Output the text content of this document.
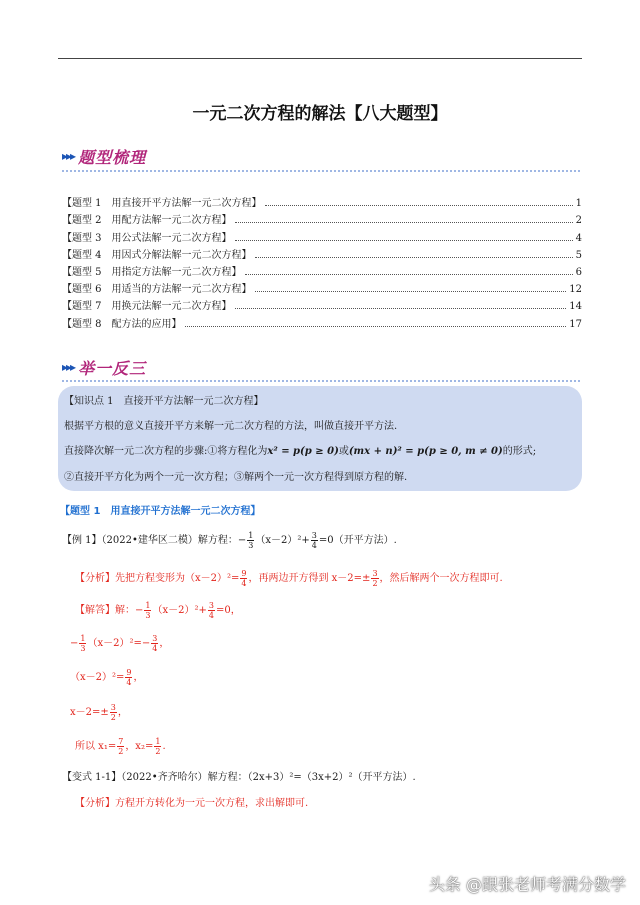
一元二次方程的解法【八大题型】
▸▸▸ 题型梳理
【题型 1　用直接开平方法解一元二次方程】	1
【题型 2　用配方法解一元二次方程】	2
【题型 3　用公式法解一元二次方程】	4
【题型 4　用因式分解法解一元二次方程】	5
【题型 5　用指定方法解一元二次方程】	6
【题型 6　用适当的方法解一元二次方程】	12
【题型 7　用换元法解一元二次方程】	14
【题型 8　配方法的应用】	17
▸▸▸ 举一反三
【知识点 1　直接开平方法解一元二次方程】
根据平方根的意义直接开平方来解一元二次方程的方法，叫做直接开平方法.
直接降次解一元二次方程的步骤:①将方程化为x² = p(p ≥ 0)或(mx + n)² = p(p ≥ 0, m ≠ 0)的形式;
②直接开平方化为两个一元一次方程；③解两个一元一次方程得到原方程的解.
【题型 1　用直接开平方法解一元二次方程】
【例 1】（2022•建华区二模）解方程：− $\frac{1}{3} (x-2)^2+ \frac{3}{4} =0$（开平方法）.
【分析】先把方程变形为$(x-2)^2= \frac{9}{4}$ ，再两边开方得到 $x-2=\pm \frac{3}{2}$ ，然后解两个一次方程即可.
【解答】解：− $\frac{1}{3} (x-2)^2+ \frac{3}{4} =0$，
− $\frac{1}{3} (x-2)^2=- \frac{3}{4}$ ，
$(x-2)^2= \frac{9}{4}$ ，
$x-2=\pm \frac{3}{2}$ ，
所以 $x_1= \frac{7}{2}$ ，$x_2= \frac{1}{2}$ .
【变式 1-1】（2022•齐齐哈尔）解方程：（2x+3）²=（3x+2）²（开平方法）.
【分析】方程开方转化为一元一次方程，求出解即可.
头条 @跟张老师考满分数学
